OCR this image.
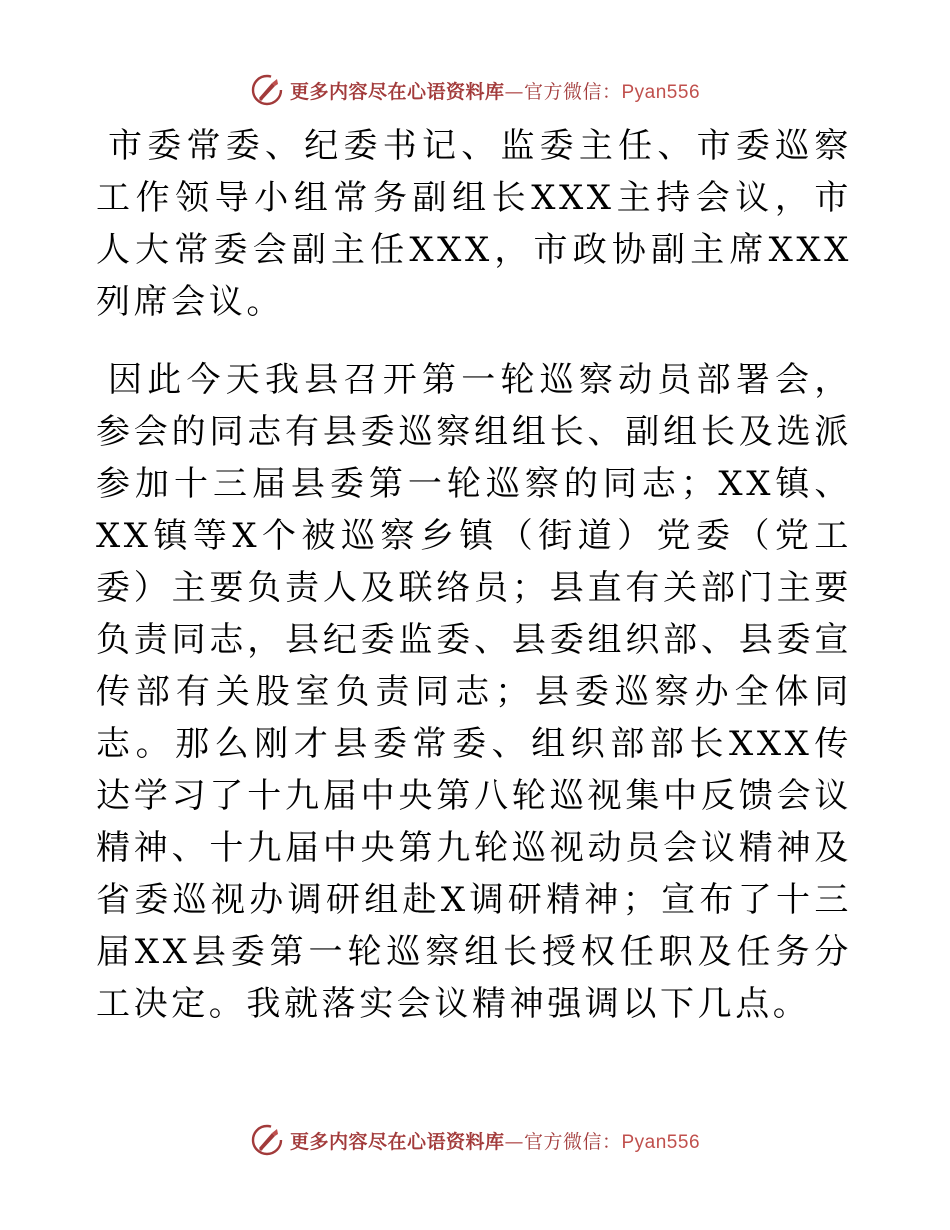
更多内容尽在心语资料库—官方微信：Pyan556

市委常委、纪委书记、监委主任、市委巡察工作领导小组常务副组长XXX主持会议，市人大常委会副主任XXX，市政协副主席XXX列席会议。

因此今天我县召开第一轮巡察动员部署会，参会的同志有县委巡察组组长、副组长及选派参加十三届县委第一轮巡察的同志；XX镇、XX镇等X个被巡察乡镇（街道）党委（党工委）主要负责人及联络员；县直有关部门主要负责同志，县纪委监委、县委组织部、县委宣传部有关股室负责同志；县委巡察办全体同志。那么刚才县委常委、组织部部长XXX传达学习了十九届中央第八轮巡视集中反馈会议精神、十九届中央第九轮巡视动员会议精神及省委巡视办调研组赴X调研精神；宣布了十三届XX县委第一轮巡察组长授权任职及任务分工决定。我就落实会议精神强调以下几点。

更多内容尽在心语资料库—官方微信：Pyan556
